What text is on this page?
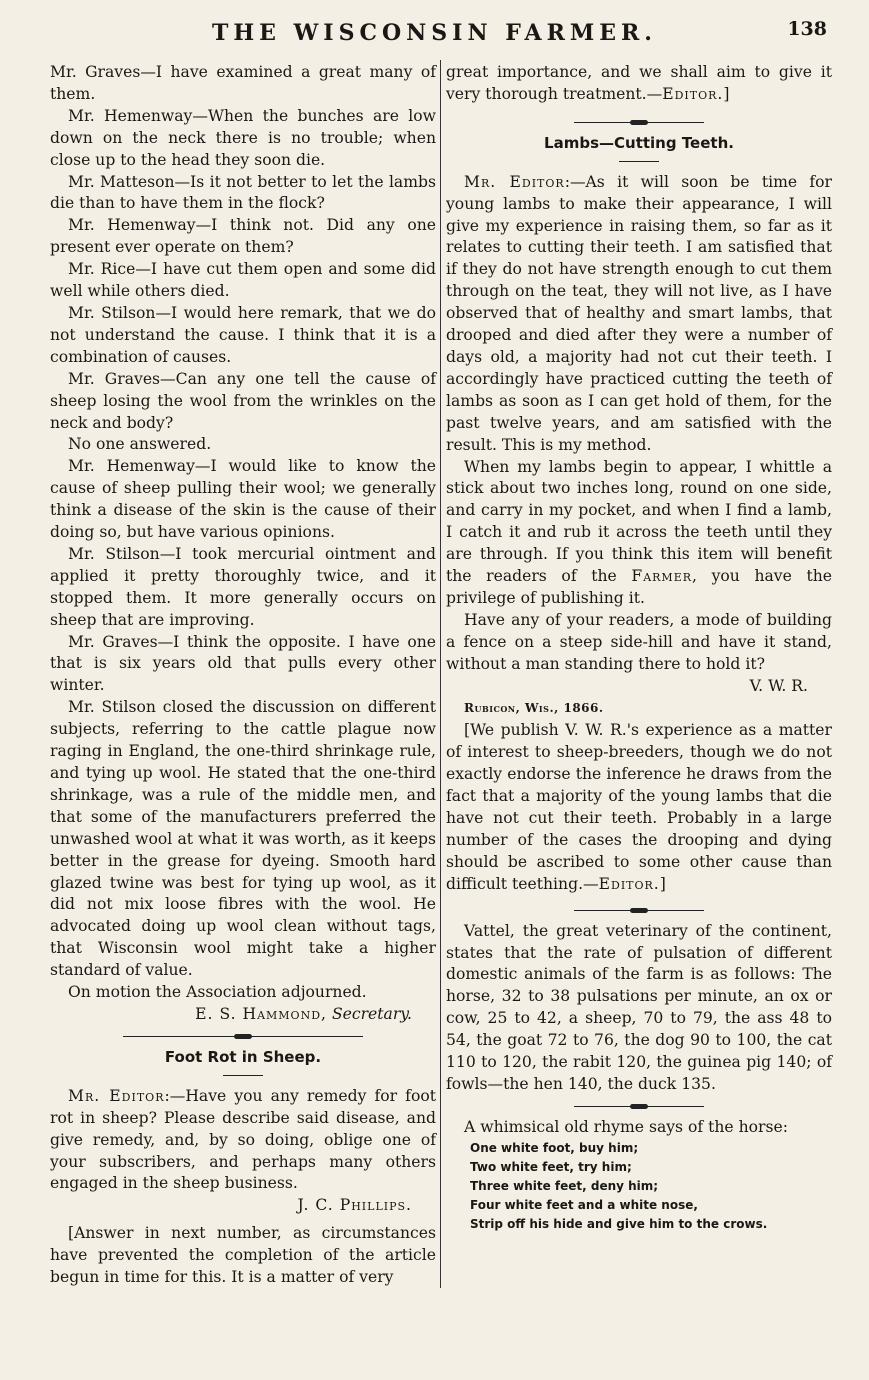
THE WISCONSIN FARMER.	138

Mr. Graves—I have examined a great many of them.

Mr. Hemenway—When the bunches are low down on the neck there is no trouble; when close up to the head they soon die.

Mr. Matteson—Is it not better to let the lambs die than to have them in the flock?

Mr. Hemenway—I think not. Did any one present ever operate on them?

Mr. Rice—I have cut them open and some did well while others died.

Mr. Stilson—I would here remark, that we do not understand the cause. I think that it is a combination of causes.

Mr. Graves—Can any one tell the cause of sheep losing the wool from the wrinkles on the neck and body?

No one answered.

Mr. Hemenway—I would like to know the cause of sheep pulling their wool; we generally think a disease of the skin is the cause of their doing so, but have various opinions.

Mr. Stilson—I took mercurial ointment and applied it pretty thoroughly twice, and it stopped them. It more generally occurs on sheep that are improving.

Mr. Graves—I think the opposite. I have one that is six years old that pulls every other winter.

Mr. Stilson closed the discussion on different subjects, referring to the cattle plague now raging in England, the one-third shrinkage rule, and tying up wool. He stated that the one-third shrinkage, was a rule of the middle men, and that some of the manufacturers preferred the unwashed wool at what it was worth, as it keeps better in the grease for dyeing. Smooth hard glazed twine was best for tying up wool, as it did not mix loose fibres with the wool. He advocated doing up wool clean without tags, that Wisconsin wool might take a higher standard of value.

On motion the Association adjourned.

E. S. Hammond, Secretary.

Foot Rot in Sheep.

Mr. Editor:—Have you any remedy for foot rot in sheep? Please describe said disease, and give remedy, and, by so doing, oblige one of your subscribers, and perhaps many others engaged in the sheep business.

J. C. Phillips.

[Answer in next number, as circumstances have prevented the completion of the article begun in time for this. It is a matter of very

great importance, and we shall aim to give it very thorough treatment.—Editor.]

Lambs—Cutting Teeth.

Mr. Editor:—As it will soon be time for young lambs to make their appearance, I will give my experience in raising them, so far as it relates to cutting their teeth. I am satisfied that if they do not have strength enough to cut them through on the teat, they will not live, as I have observed that of healthy and smart lambs, that drooped and died after they were a number of days old, a majority had not cut their teeth. I accordingly have practiced cutting the teeth of lambs as soon as I can get hold of them, for the past twelve years, and am satisfied with the result. This is my method.

When my lambs begin to appear, I whittle a stick about two inches long, round on one side, and carry in my pocket, and when I find a lamb, I catch it and rub it across the teeth until they are through. If you think this item will benefit the readers of the Farmer, you have the privilege of publishing it.

Have any of your readers, a mode of building a fence on a steep side-hill and have it stand, without a man standing there to hold it?

V. W. R.

Rubicon, Wis., 1866.

[We publish V. W. R.'s experience as a matter of interest to sheep-breeders, though we do not exactly endorse the inference he draws from the fact that a majority of the young lambs that die have not cut their teeth. Probably in a large number of the cases the drooping and dying should be ascribed to some other cause than difficult teething.—Editor.]

Vattel, the great veterinary of the continent, states that the rate of pulsation of different domestic animals of the farm is as follows: The horse, 32 to 38 pulsations per minute, an ox or cow, 25 to 42, a sheep, 70 to 79, the ass 48 to 54, the goat 72 to 76, the dog 90 to 100, the cat 110 to 120, the rabit 120, the guinea pig 140; of fowls—the hen 140, the duck 135.

A whimsical old rhyme says of the horse:

One white foot, buy him;
Two white feet, try him;
Three white feet, deny him;
Four white feet and a white nose,
Strip off his hide and give him to the crows.
